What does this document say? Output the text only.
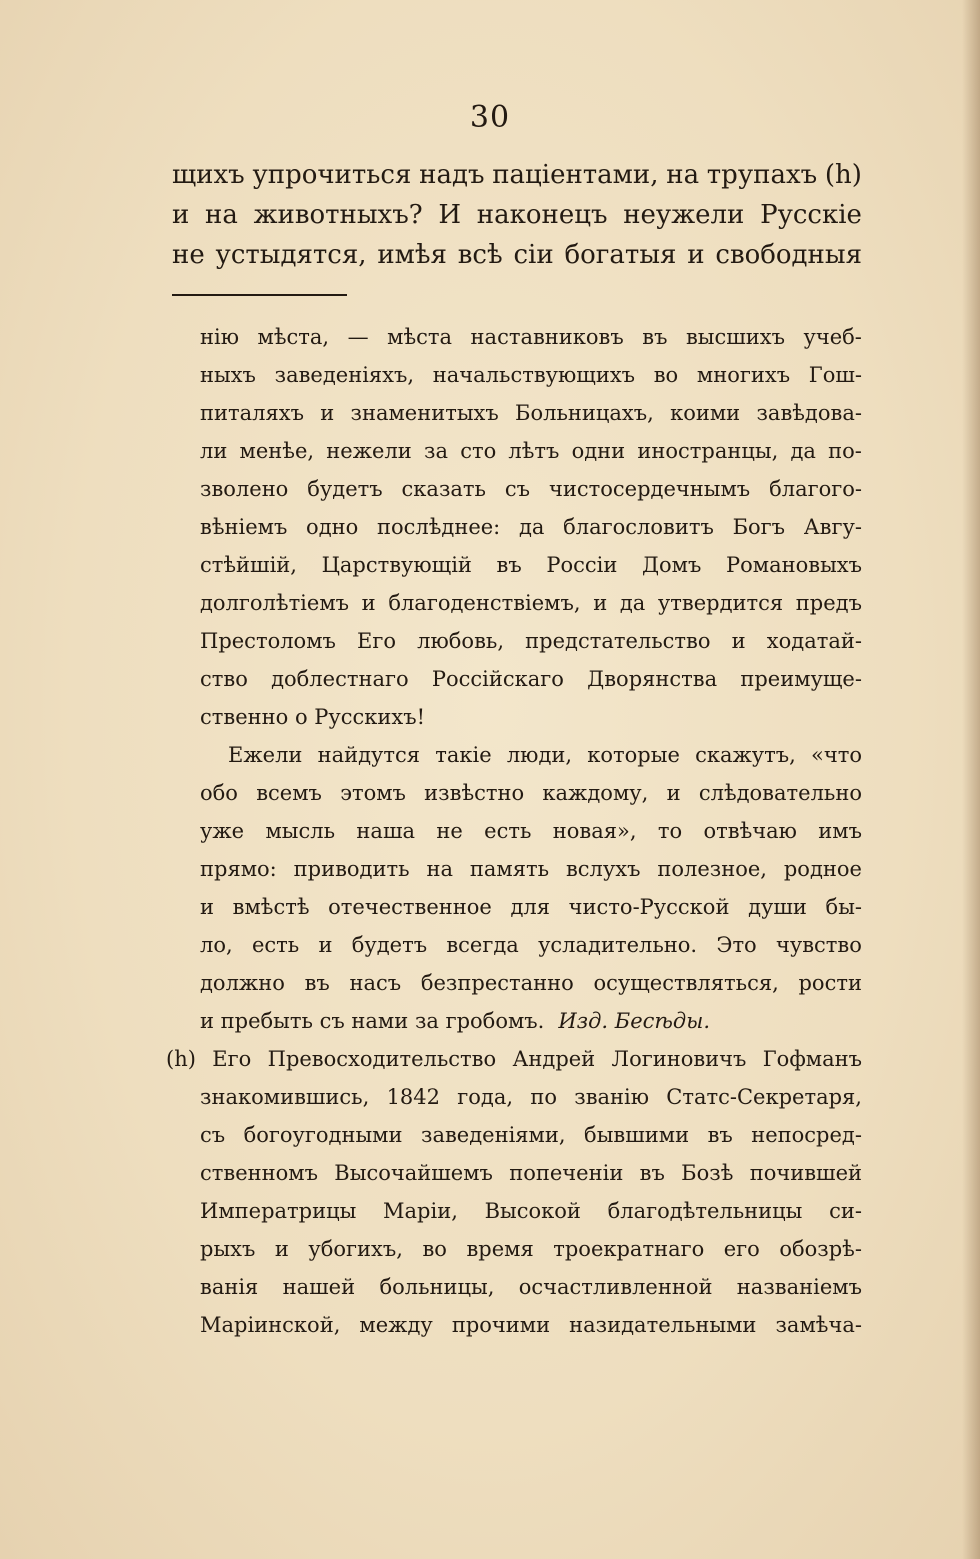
30
щихъ упрочиться надъ пацiентами, на трупахъ (h)
и на животныхъ? И наконецъ неужели Русскiе
не устыдятся, имѣя всѣ сiи богатыя и свободныя
нiю мѣста, — мѣста наставниковъ въ высшихъ учеб-
ныхъ заведенiяхъ, начальствующихъ во многихъ Гош-
питаляхъ и знаменитыхъ Больницахъ, коими завѣдова-
ли менѣе, нежели за сто лѣтъ одни иностранцы, да по-
зволено будетъ сказать съ чистосердечнымъ благого-
вѣнiемъ одно послѣднее: да благословитъ Богъ Авгу-
стѣйшiй, Царствующiй въ Россiи Домъ Романовыхъ
долголѣтiемъ и благоденствiемъ, и да утвердится предъ
Престоломъ Его любовь, предстательство и ходатай-
ство доблестнаго Россiйскаго Дворянства преимуще-
ственно о Русскихъ!
Ежели найдутся такiе люди, которые скажутъ, «что
обо всемъ этомъ извѣстно каждому, и слѣдовательно
уже мысль наша не есть новая», то отвѣчаю имъ
прямо: приводить на память вслухъ полезное, родное
и вмѣстѣ отечественное для чисто-Русской души бы-
ло, есть и будетъ всегда усладительно. Это чувство
должно въ насъ безпрестанно осуществляться, рости
и пребыть съ нами за гробомъ. Изд. Бесѣды.
(h) Его Превосходительство Андрей Логиновичъ Гофманъ
знакомившись, 1842 года, по званiю Статс-Секретаря,
съ богоугодными заведенiями, бывшими въ непосред-
ственномъ Высочайшемъ попеченiи въ Бозѣ почившей
Императрицы Марiи, Высокой благодѣтельницы си-
рыхъ и убогихъ, во время троекратнаго его обозрѣ-
ванiя нашей больницы, осчастливленной названiемъ
Марiинской, между прочими назидательными замѣча-
